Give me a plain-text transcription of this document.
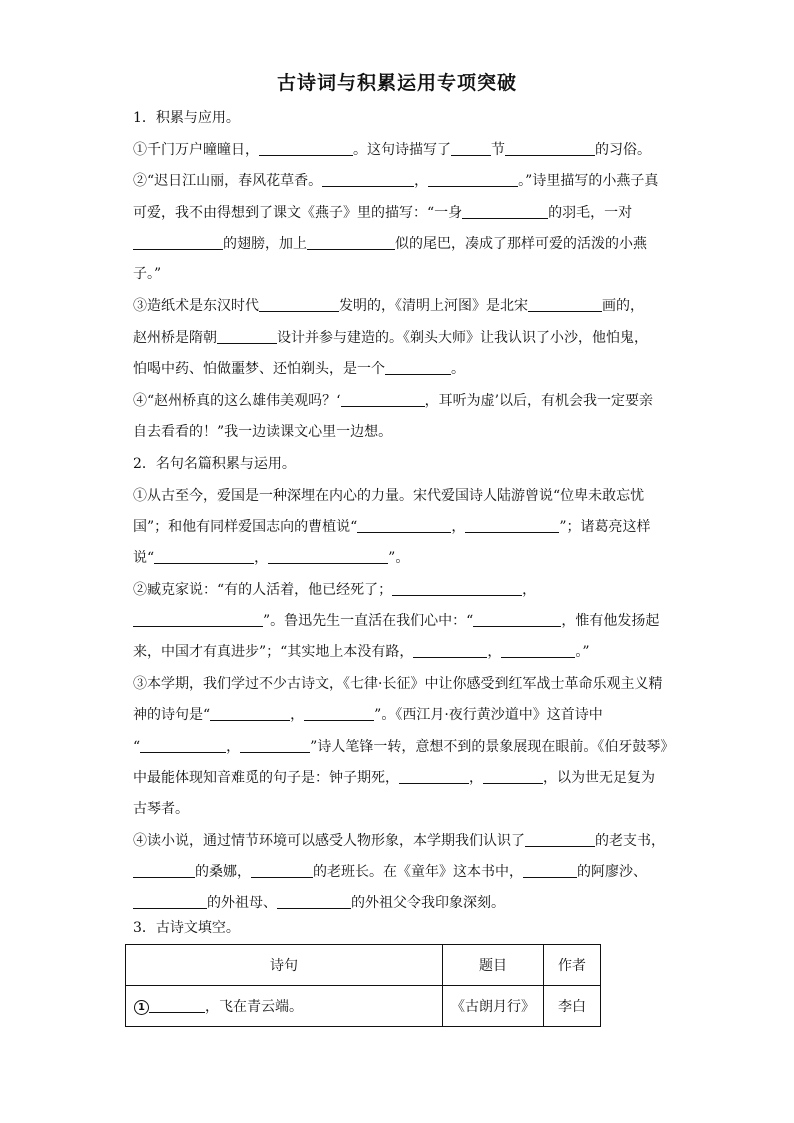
古诗词与积累运用专项突破
1．积累与应用。
①千门万户曈曈日，	。这句诗描写了	节	的习俗。
②“迟日江山丽，春风花草香。	，	。”诗里描写的小燕子真
可爱，我不由得想到了课文《燕子》里的描写：“一身	的羽毛，一对
的翅膀，加上	似的尾巴，凑成了那样可爱的活泼的小燕
子。”
③造纸术是东汉时代	发明的，《清明上河图》是北宋	画的，
赵州桥是隋朝	设计并参与建造的。《剃头大师》让我认识了小沙，他怕鬼，
怕喝中药、怕做噩梦、还怕剃头，是一个	。
④“赵州桥真的这么雄伟美观吗？‘	，耳听为虚’以后，有机会我一定要亲
自去看看的！”我一边读课文心里一边想。
2．名句名篇积累与运用。
①从古至今，爱国是一种深埋在内心的力量。宋代爱国诗人陆游曾说“位卑未敢忘忧
国”；和他有同样爱国志向的曹植说“	，	”；诸葛亮这样
说“	，	”。
②臧克家说：“有的人活着，他已经死了；	，
”。鲁迅先生一直活在我们心中：“	，惟有他发扬起
来，中国才有真进步”；“其实地上本没有路，	，	。”
③本学期，我们学过不少古诗文，《七律·长征》中让你感受到红军战士革命乐观主义精
神的诗句是“	，	”。《西江月·夜行黄沙道中》这首诗中
“	，	”诗人笔锋一转，意想不到的景象展现在眼前。《伯牙鼓琴》
中最能体现知音难觅的句子是：钟子期死，	，	，以为世无足复为
古琴者。
④读小说，通过情节环境可以感受人物形象，本学期我们认识了	的老支书，
的桑娜，	的老班长。在《童年》这本书中，	的阿廖沙、
的外祖母、	的外祖父令我印象深刻。
3．古诗文填空。
诗句	题目	作者
1 ，飞在青云端。	《古朗月行》	李白
